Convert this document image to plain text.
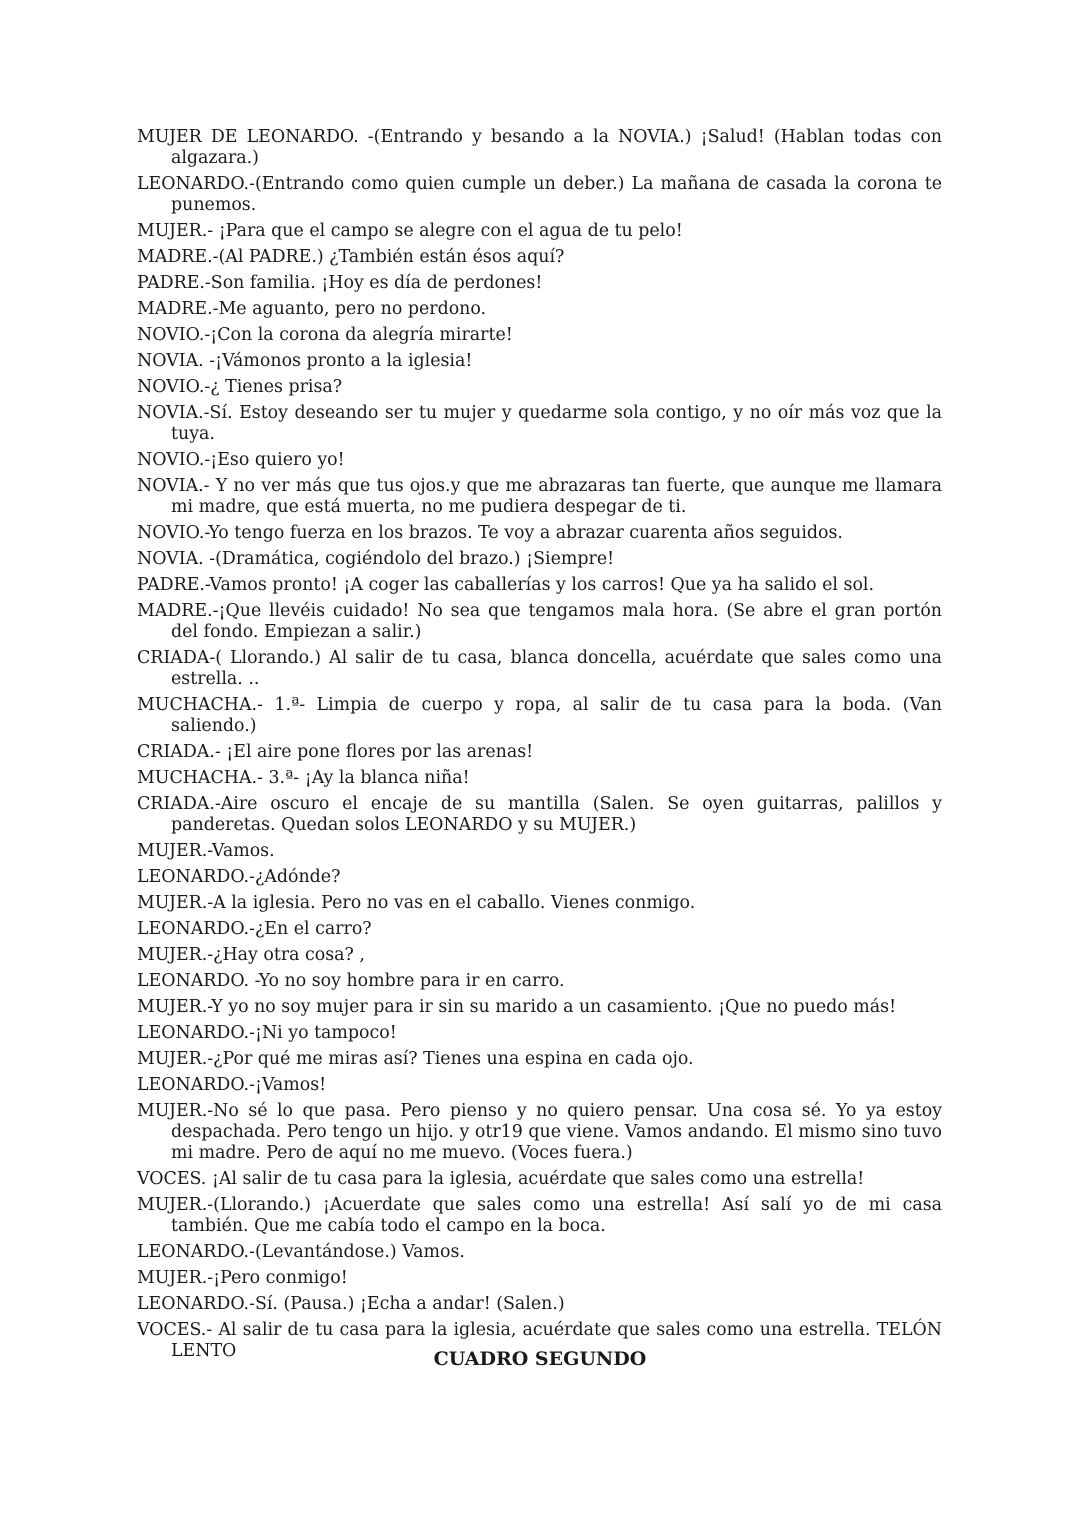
MUJER DE LEONARDO. -(Entrando y besando a la NOVIA.) ¡Salud! (Hablan todas con algazara.)

LEONARDO.-(Entrando como quien cumple un deber.) La mañana de casada la corona te punemos.

MUJER.- ¡Para que el campo se alegre con el agua de tu pelo!

MADRE.-(Al PADRE.) ¿También están ésos aquí?

PADRE.-Son familia. ¡Hoy es día de perdones!

MADRE.-Me aguanto, pero no perdono.

NOVIO.-¡Con la corona da alegría mirarte!

NOVIA. -¡Vámonos pronto a la iglesia!

NOVIO.-¿ Tienes prisa?

NOVIA.-Sí. Estoy deseando ser tu mujer y quedarme sola contigo, y no oír más voz que la tuya.

NOVIO.-¡Eso quiero yo!

NOVIA.- Y no ver más que tus ojos.y que me abrazaras tan fuerte, que aunque me llamara mi madre, que está muerta, no me pudiera despegar de ti.

NOVIO.-Yo tengo fuerza en los brazos. Te voy a abrazar cuarenta años seguidos.

NOVIA. -(Dramática, cogiéndolo del brazo.) ¡Siempre!

PADRE.-Vamos pronto! ¡A coger las caballerías y los carros! Que ya ha salido el sol.

MADRE.-¡Que llevéis cuidado! No sea que tengamos mala hora. (Se abre el gran portón del fondo. Empiezan a salir.)

CRIADA-( Llorando.) Al salir de tu casa, blanca doncella, acuérdate que sales como una estrella. ..

MUCHACHA.- 1.ª- Limpia de cuerpo y ropa, al salir de tu casa para la boda. (Van saliendo.)

CRIADA.- ¡El aire pone flores por las arenas!

MUCHACHA.- 3.ª- ¡Ay la blanca niña!

CRIADA.-Aire oscuro el encaje de su mantilla (Salen. Se oyen guitarras, palillos y panderetas. Quedan solos LEONARDO y su MUJER.)

MUJER.-Vamos.

LEONARDO.-¿Adónde?

MUJER.-A la iglesia. Pero no vas en el caballo. Vienes conmigo.

LEONARDO.-¿En el carro?

MUJER.-¿Hay otra cosa? ,

LEONARDO. -Yo no soy hombre para ir en carro.

MUJER.-Y yo no soy mujer para ir sin su marido a un casamiento. ¡Que no puedo más!

LEONARDO.-¡Ni yo tampoco!

MUJER.-¿Por qué me miras así? Tienes una espina en cada ojo.

LEONARDO.-¡Vamos!

MUJER.-No sé lo que pasa. Pero pienso y no quiero pensar. Una cosa sé. Yo ya estoy despachada. Pero tengo un hijo. y otr19 que viene. Vamos andando. El mismo sino tuvo mi madre. Pero de aquí no me muevo. (Voces fuera.)

VOCES. ¡Al salir de tu casa para la iglesia, acuérdate que sales como una estrella!

MUJER.-(Llorando.) ¡Acuerdate que sales como una estrella! Así salí yo de mi casa también. Que me cabía todo el campo en la boca.

LEONARDO.-(Levantándose.) Vamos.

MUJER.-¡Pero conmigo!

LEONARDO.-Sí. (Pausa.) ¡Echa a andar! (Salen.)

VOCES.- Al salir de tu casa para la iglesia, acuérdate que sales como una estrella. TELÓN LENTO	CUADRO SEGUNDO
